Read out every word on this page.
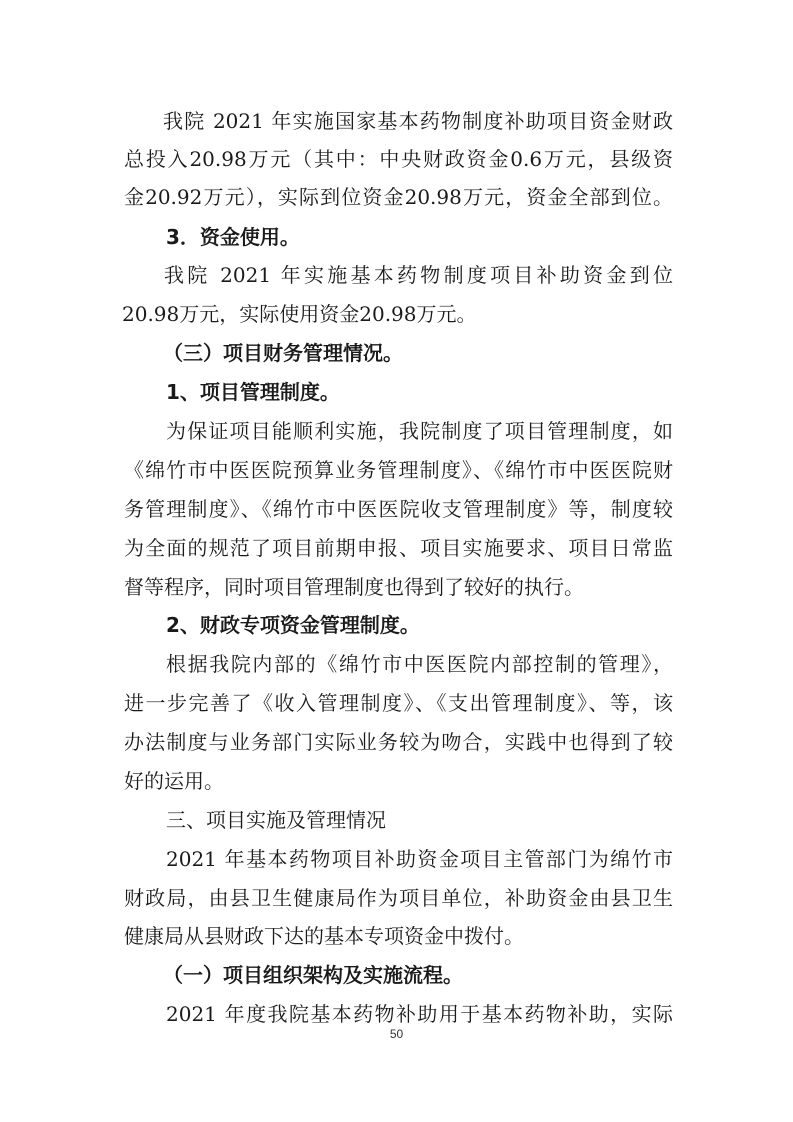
我院 2021 年实施国家基本药物制度补助项目资金财政
总投入20.98万元（其中：中央财政资金0.6万元，县级资
金20.92万元），实际到位资金20.98万元，资金全部到位。
3．资金使用。
我院 2021 年实施基本药物制度项目补助资金到位
20.98万元，实际使用资金20.98万元。
（三）项目财务管理情况。
1、项目管理制度。
为保证项目能顺利实施，我院制度了项目管理制度，如
《绵竹市中医医院预算业务管理制度》、《绵竹市中医医院财
务管理制度》、《绵竹市中医医院收支管理制度》等，制度较
为全面的规范了项目前期申报、项目实施要求、项目日常监
督等程序，同时项目管理制度也得到了较好的执行。
2、财政专项资金管理制度。
根据我院内部的《绵竹市中医医院内部控制的管理》，
进一步完善了《收入管理制度》、《支出管理制度》、等，该
办法制度与业务部门实际业务较为吻合，实践中也得到了较
好的运用。
三、项目实施及管理情况
2021 年基本药物项目补助资金项目主管部门为绵竹市
财政局，由县卫生健康局作为项目单位，补助资金由县卫生
健康局从县财政下达的基本专项资金中拨付。
（一）项目组织架构及实施流程。
2021 年度我院基本药物补助用于基本药物补助，实际
50
